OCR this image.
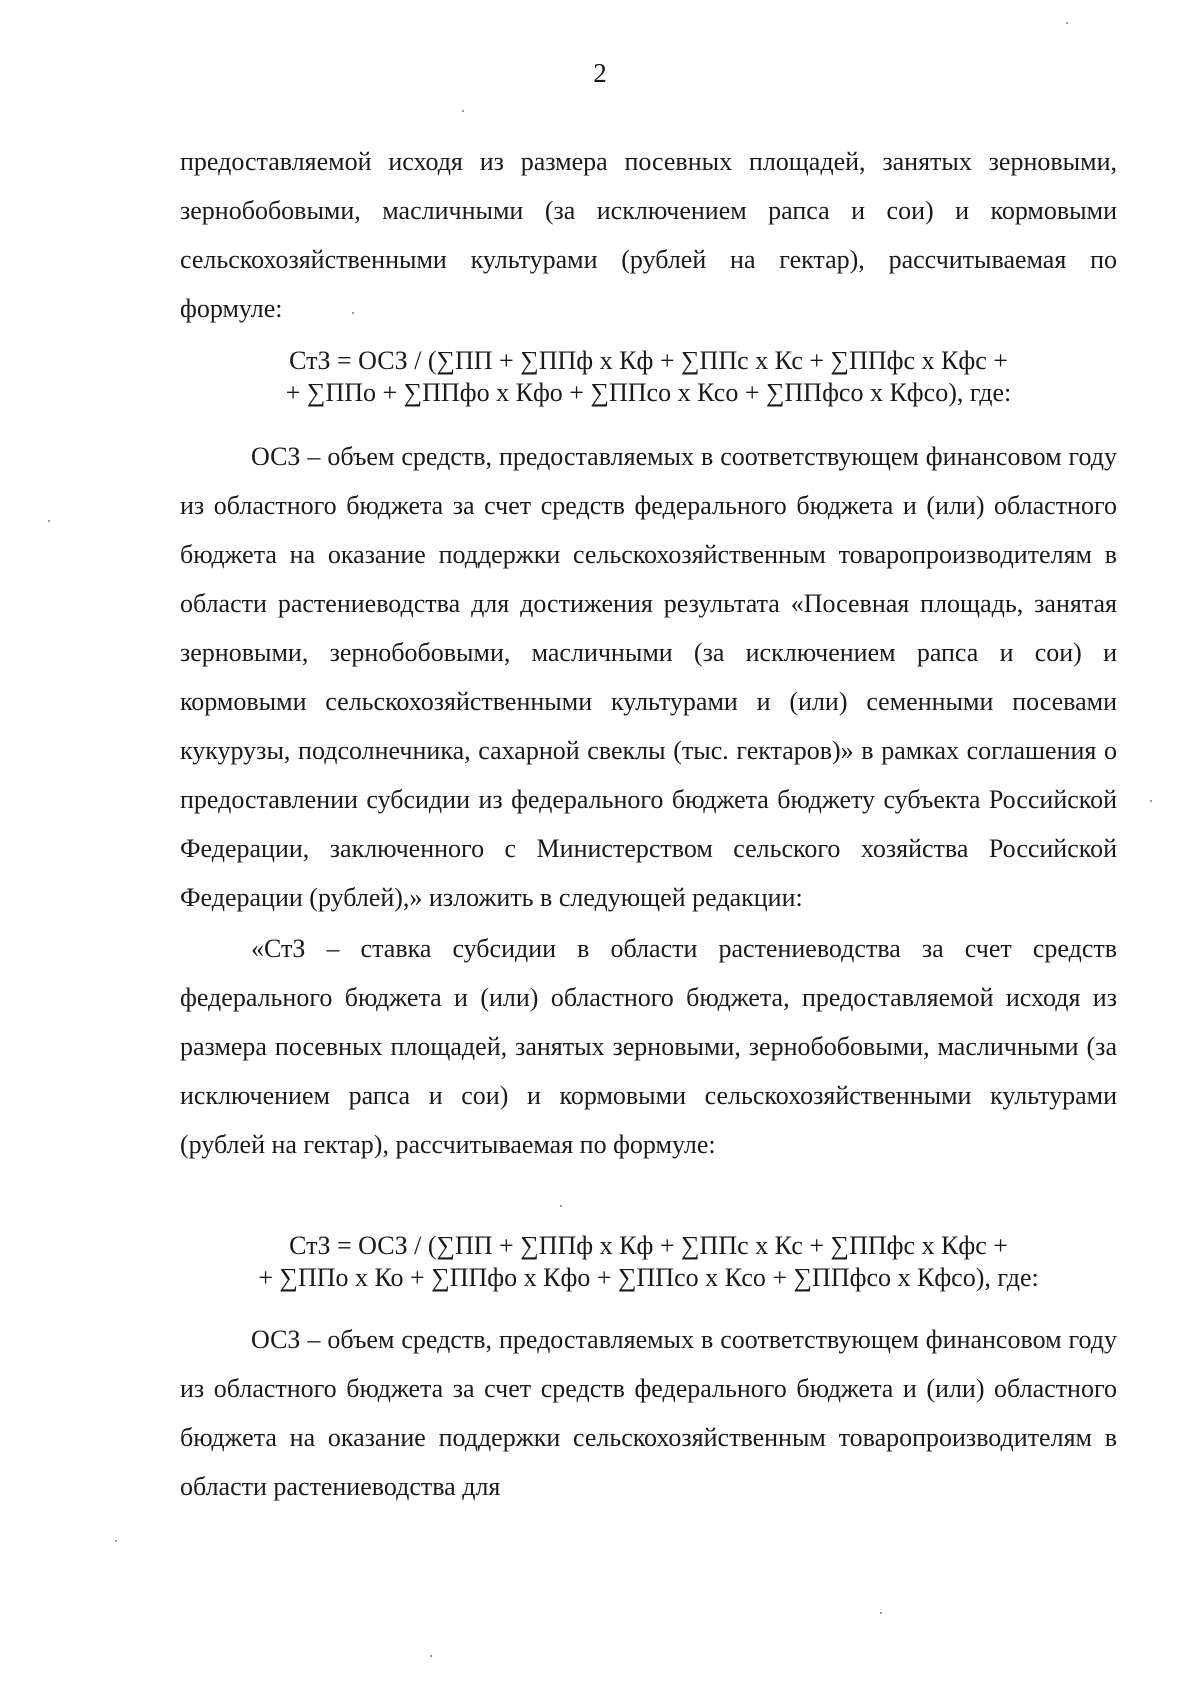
2

предоставляемой исходя из размера посевных площадей, занятых зерновыми, зернобобовыми, масличными (за исключением рапса и сои) и кормовыми сельскохозяйственными культурами (рублей на гектар), рассчитываемая по формуле:

СтЗ = ОСЗ / (∑ПП + ∑ППф х Кф + ∑ППс х Кс + ∑ППфс х Кфс +
+ ∑ППо + ∑ППфо х Кфо + ∑ППсо х Ксо + ∑ППфсо х Кфсо), где:

ОСЗ – объем средств, предоставляемых в соответствующем финансовом году из областного бюджета за счет средств федерального бюджета и (или) областного бюджета на оказание поддержки сельскохозяйственным товаропроизводителям в области растениеводства для достижения результата «Посевная площадь, занятая зерновыми, зернобобовыми, масличными (за исключением рапса и сои) и кормовыми сельскохозяйственными культурами и (или) семенными посевами кукурузы, подсолнечника, сахарной свеклы (тыс. гектаров)» в рамках соглашения о предоставлении субсидии из федерального бюджета бюджету субъекта Российской Федерации, заключенного с Министерством сельского хозяйства Российской Федерации (рублей),» изложить в следующей редакции:

«СтЗ – ставка субсидии в области растениеводства за счет средств федерального бюджета и (или) областного бюджета, предоставляемой исходя из размера посевных площадей, занятых зерновыми, зернобобовыми, масличными (за исключением рапса и сои) и кормовыми сельскохозяйственными культурами (рублей на гектар), рассчитываемая по формуле:

СтЗ = ОСЗ / (∑ПП + ∑ППф х Кф + ∑ППс х Кс + ∑ППфс х Кфс +
+ ∑ППо х Ко + ∑ППфо х Кфо + ∑ППсо х Ксо + ∑ППфсо х Кфсо), где:

ОСЗ – объем средств, предоставляемых в соответствующем финансовом году из областного бюджета за счет средств федерального бюджета и (или) областного бюджета на оказание поддержки сельскохозяйственным товаропроизводителям в области растениеводства для
